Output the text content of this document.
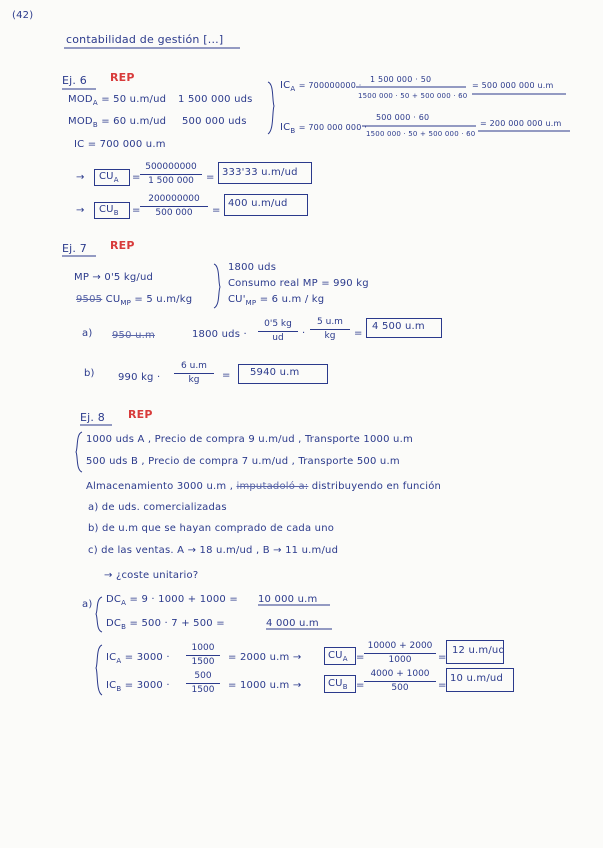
(42)
contabilidad de gestión [...]
Ej. 6 REP
$MOD_A = 50$ u.m/ud 1 500 000 uds
$MOD_B = 60$ u.m/ud 500 000 uds
IC = 700 000 u.m
$IC_A = 700000000$ ·
1 500 000 · 50
1500 000 · 50 + 500 000 · 60
= 500 000 000 u.m
$IC_B = 700$ 000 000 ·
500 000 · 60
1500 000 · 50 + 500 000 · 60
= 200 000 000 u.m
→ $CU_A = \frac{500000000}{1 500 000} = 333'33$ u.m/ud
→ $CU_B = \frac{200000000}{500 000}$ =
400 u.m/ud
Ej. 7 REP
MP → 0'5 kg/ud
9505 $CU_{MP} = 5$ u.m/kg
1800 uds
Consumo real MP = 990 kg
$CU'_{MP} = 6$ u.m / kg
a) 950 u.m	1800 uds · $\frac{0'5 kg}{ud} \cdot \frac{5 u.m}{kg}$ =
4 500 u.m
b) 990 kg · $\frac{6 u.m}{kg} = 5940$ u.m
Ej. 8 REP
1000 uds A , Precio de compra 9 u.m/ud , Transporte 1000 u.m
500 uds B , Precio de compra 7 u.m/ud , Transporte 500 u.m
Almacenamiento 3000 u.m , imputadoló a: distribuyendo en función
a) de uds. comercializadas
b) de u.m que se hayan comprado de cada uno
c) de las ventas. A → 18 u.m/ud , B → 11 u.m/ud
→ ¿coste unitario?
a) $DC_A = 9 \cdot 1000 + 1000 = 10$ 000 u.m
$DC_B = 500 \cdot 7 + 500$ =	4 000 u.m
$IC_A = 3000 \cdot \frac{1000}{1500} = 2000$ u.m →	$CU_A = \frac{10000 + 2000}{1000}$ =
12 u.m/ud
$IC_B = 3000 \cdot \frac{500}{1500} = 1000$ u.m →	$CU_B = \frac{4000 + 1000}{500}$ =
10 u.m/ud
